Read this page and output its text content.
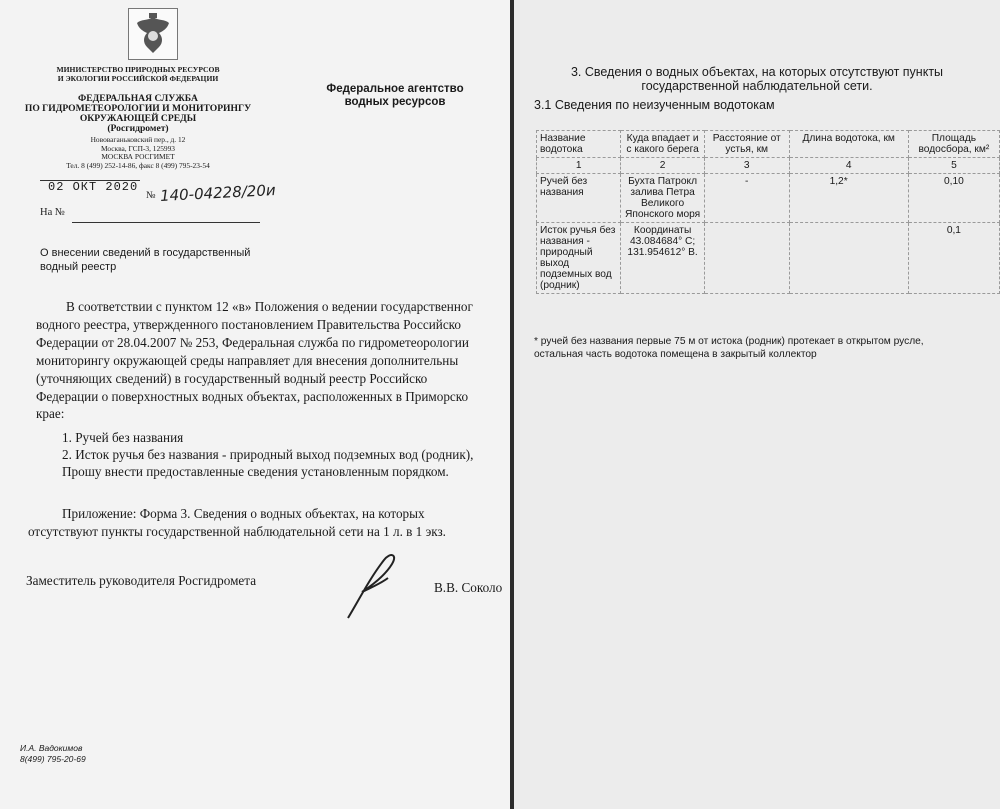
МИНИСТЕРСТВО ПРИРОДНЫХ РЕСУРСОВ
И ЭКОЛОГИИ РОССИЙСКОЙ ФЕДЕРАЦИИ
ФЕДЕРАЛЬНАЯ СЛУЖБА
ПО ГИДРОМЕТЕОРОЛОГИИ И МОНИТОРИНГУ
ОКРУЖАЮЩЕЙ СРЕДЫ
(Росгидромет)
Нововаганьковский пер., д. 12
Москва, ГСП-3, 125993
МОСКВА РОСГИМЕТ
Тел. 8 (499) 252-14-86, факс 8 (499) 795-23-54
02 ОКТ 2020
№ 140-04228/20и
На №
Федеральное агентство
водных ресурсов
О внесении сведений в государственный
водный реестр
В соответствии с пунктом 12 «в» Положения о ведении государственног
водного реестра, утвержденного постановлением Правительства Российско
Федерации от 28.04.2007 № 253, Федеральная служба по гидрометеорологии
мониторингу окружающей среды направляет для внесения дополнительны
(уточняющих сведений) в государственный водный реестр Российско
Федерации о поверхностных водных объектах, расположенных в Приморско
крае:
1. Ручей без названия
2. Исток ручья без названия - природный выход подземных вод (родник),
Прошу внести предоставленные сведения установленным порядком.
Приложение: Форма 3. Сведения о водных объектах, на которых
отсутствуют пункты государственной наблюдательной сети на 1 л. в 1 экз.
Заместитель руководителя Росгидромета	В.В. Соколо
И.А. Вадокимов
8(499) 795-20-69
3. Сведения о водных объектах, на которых отсутствуют пункты
государственной наблюдательной сети.
3.1 Сведения по неизученным водотокам
Название водотока	Куда впадает и с какого берега	Расстояние от устья, км	Длина водотока, км	Площадь водосбора, км²
1	2	3	4	5
Ручей без названия	Бухта Патрокл залива Петра Великого Японского моря	-	1,2*	0,10
Исток ручья без названия - природный выход подземных вод (родник)	Координаты 43.084684° С; 131.954612° В.			0,1
* ручей без названия первые 75 м от истока (родник) протекает в открытом русле,
остальная часть водотока помещена в закрытый коллектор
